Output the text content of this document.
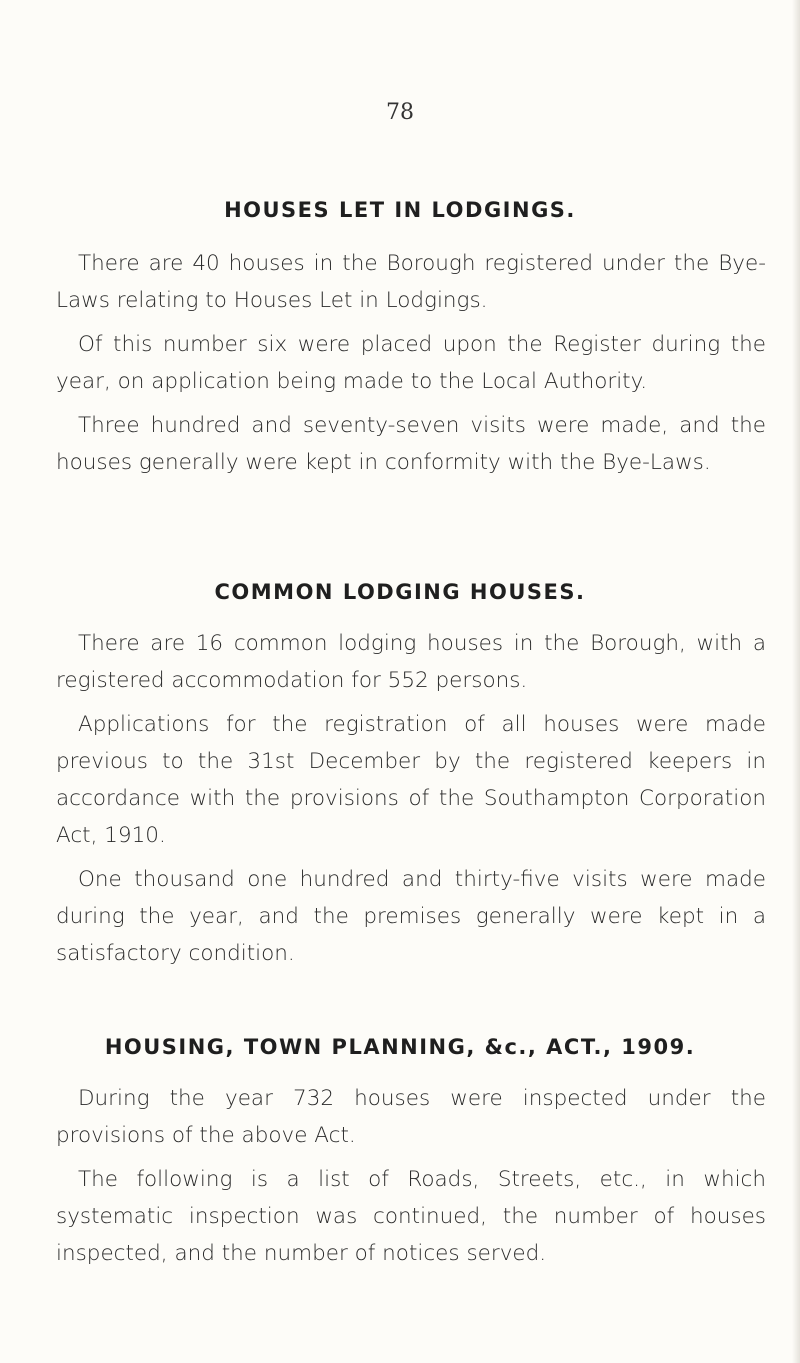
78
HOUSES LET IN LODGINGS.

There are 40 houses in the Borough registered under the Bye-Laws relating to Houses Let in Lodgings.

Of this number six were placed upon the Register during the year, on application being made to the Local Authority.

Three hundred and seventy-seven visits were made, and the houses generally were kept in conformity with the Bye-Laws.

COMMON LODGING HOUSES.

There are 16 common lodging houses in the Borough, with a registered accommodation for 552 persons.

Applications for the registration of all houses were made previous to the 31st December by the registered keepers in accordance with the provisions of the Southampton Corporation Act, 1910.

One thousand one hundred and thirty-five visits were made during the year, and the premises generally were kept in a satisfactory condition.

HOUSING, TOWN PLANNING, &c., ACT., 1909.

During the year 732 houses were inspected under the provisions of the above Act.

The following is a list of Roads, Streets, etc., in which systematic inspection was continued, the number of houses inspected, and the number of notices served.
